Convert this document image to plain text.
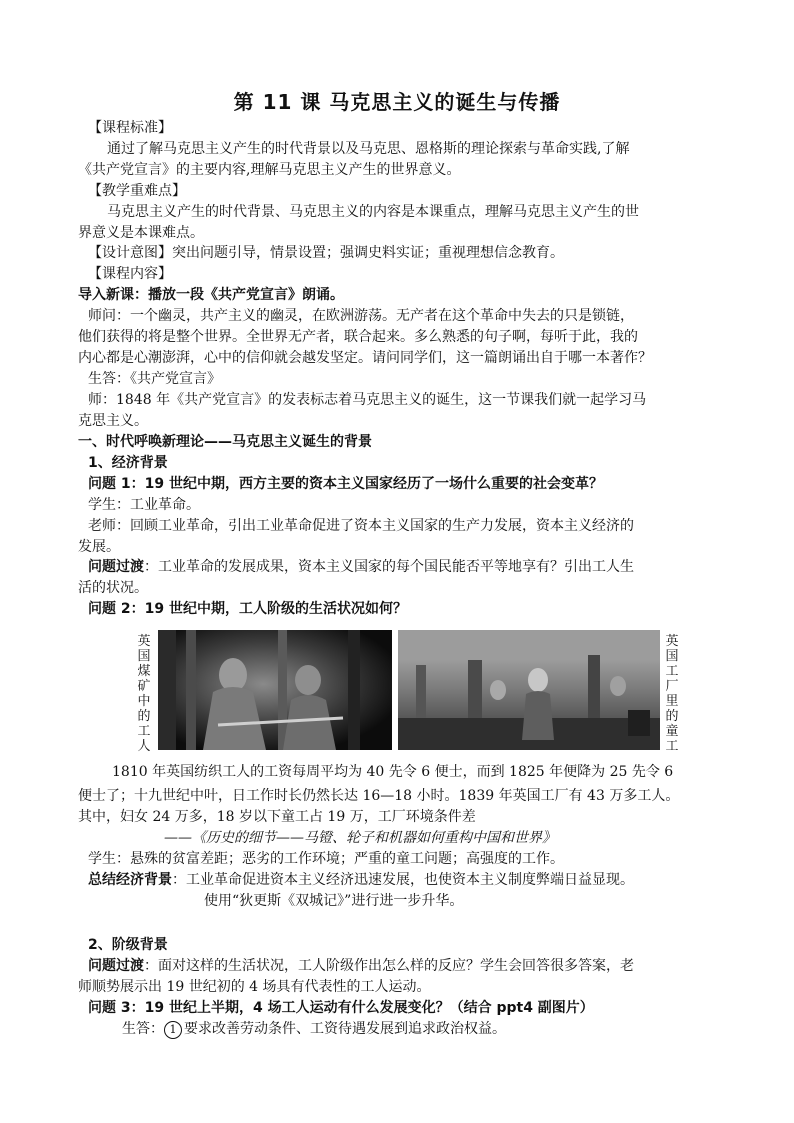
第 11 课 马克思主义的诞生与传播
【课程标准】
通过了解马克思主义产生的时代背景以及马克思、恩格斯的理论探索与革命实践,了解
《共产党宣言》的主要内容,理解马克思主义产生的世界意义。
【教学重难点】
马克思主义产生的时代背景、马克思主义的内容是本课重点，理解马克思主义产生的世
界意义是本课难点。
【设计意图】突出问题引导，情景设置；强调史料实证；重视理想信念教育。
【课程内容】
导入新课：播放一段《共产党宣言》朗诵。
师问：一个幽灵，共产主义的幽灵，在欧洲游荡。无产者在这个革命中失去的只是锁链，
他们获得的将是整个世界。全世界无产者，联合起来。多么熟悉的句子啊，每听于此，我的
内心都是心潮澎湃，心中的信仰就会越发坚定。请问同学们，这一篇朗诵出自于哪一本著作？
生答：《共产党宣言》
师：1848 年《共产党宣言》的发表标志着马克思主义的诞生，这一节课我们就一起学习马
克思主义。
一、时代呼唤新理论——马克思主义诞生的背景
1、经济背景
问题 1：19 世纪中期，西方主要的资本主义国家经历了一场什么重要的社会变革？
学生：工业革命。
老师：回顾工业革命，引出工业革命促进了资本主义国家的生产力发展，资本主义经济的
发展。
问题过渡：工业革命的发展成果，资本主义国家的每个国民能否平等地享有？引出工人生
活的状况。
问题 2：19 世纪中期，工人阶级的生活状况如何？
英国煤矿中的工人
英国工厂里的童工
1810 年英国纺织工人的工资每周平均为 40 先令 6 便士，而到 1825 年便降为 25 先令 6
便士了；十九世纪中叶，日工作时长仍然长达 16—18 小时。1839 年英国工厂有 43 万多工人。
其中，妇女 24 万多，18 岁以下童工占 19 万，工厂环境条件差
——《历史的细节——马镫、轮子和机器如何重构中国和世界》
学生：悬殊的贫富差距；恶劣的工作环境；严重的童工问题；高强度的工作。
总结经济背景：工业革命促进资本主义经济迅速发展，也使资本主义制度弊端日益显现。
使用“狄更斯《双城记》”进行进一步升华。
2、阶级背景
问题过渡：面对这样的生活状况，工人阶级作出怎么样的反应？学生会回答很多答案，老
师顺势展示出 19 世纪初的 4 场具有代表性的工人运动。
问题 3：19 世纪上半期，4 场工人运动有什么发展变化？（结合 ppt4 副图片）
生答： 1 要求改善劳动条件、工资待遇发展到追求政治权益。
